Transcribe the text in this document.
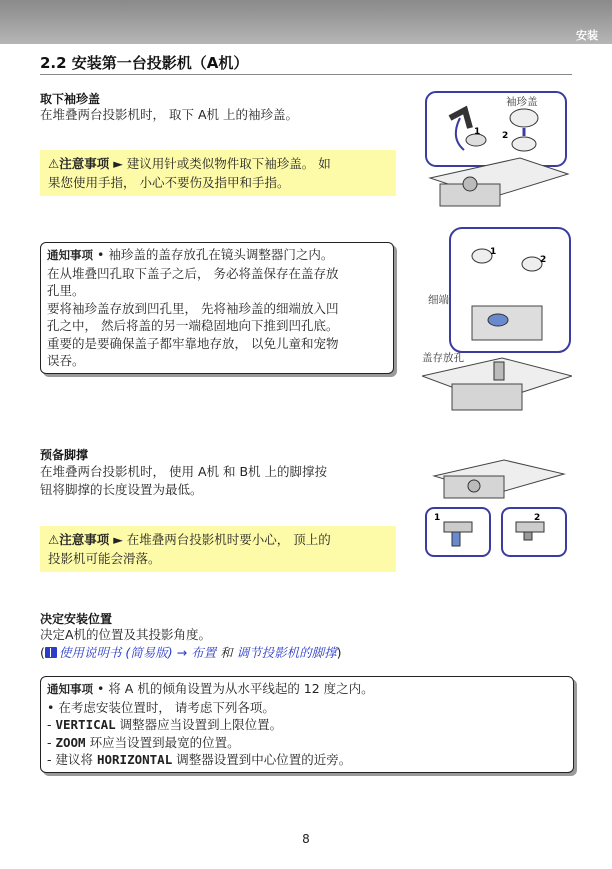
安装
2.2 安装第一台投影机（A机）
取下袖珍盖
在堆叠两台投影机时， 取下 A机 上的袖珍盖。
⚠注意事项 ► 建议用针或类似物件取下袖珍盖。 如
果您使用手指， 小心不要伤及指甲和手指。
通知事项 • 袖珍盖的盖存放孔在镜头调整器门之内。
在从堆叠凹孔取下盖子之后， 务必将盖保存在盖存放
孔里。
要将袖珍盖存放到凹孔里， 先将袖珍盖的细端放入凹
孔之中， 然后将盖的另一端稳固地向下推到凹孔底。
重要的是要确保盖子都牢靠地存放， 以免儿童和宠物
误吞。
1 2
袖珍盖
1
2
细端
盖存放孔
预备脚撑
在堆叠两台投影机时， 使用 A机 和 B机 上的脚撑按
钮将脚撑的长度设置为最低。
⚠注意事项 ► 在堆叠两台投影机时要小心， 顶上的
投影机可能会滑落。
1	2
决定安装位置
决定A机的位置及其投影角度。
( 使用说明书 (简易版) → 布置 和 调节投影机的脚撑)
通知事项 • 将 A 机的倾角设置为从水平线起的 12 度之内。
• 在考虑安装位置时， 请考虑下列各项。
- VERTICAL 调整器应当设置到上限位置。
- ZOOM 环应当设置到最宽的位置。
- 建议将 HORIZONTAL 调整器设置到中心位置的近旁。
8
